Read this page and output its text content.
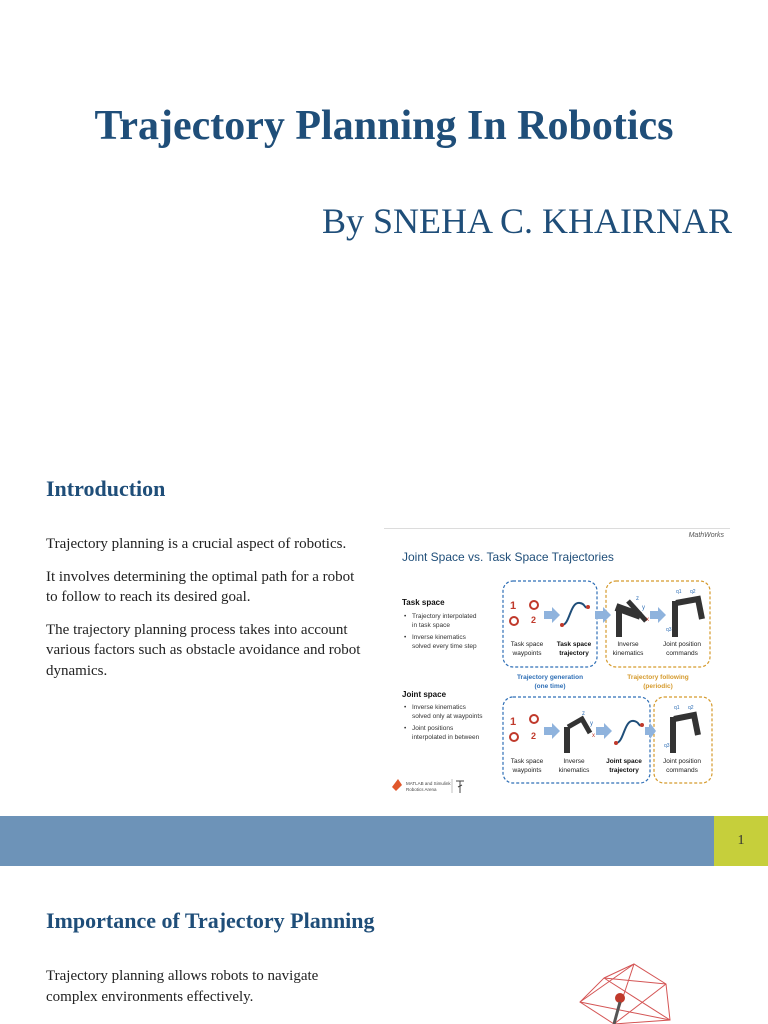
Trajectory Planning In Robotics
By SNEHA C. KHAIRNAR
Introduction

Trajectory planning is a crucial aspect of robotics.

It involves determining the optimal path for a robot to follow to reach its desired goal.

The trajectory planning process takes into account various factors such as obstacle avoidance and robot dynamics.

MathWorks
Joint Space vs. Task Space Trajectories
Task space
Joint space
• Trajectory interpolated
in task space
• Inverse kinematics
solved every time step
• Inverse kinematics
solved only at waypoints
• Joint positions
interpolated in between
1
2
z
y
x
q1 q2
q3
Task space
waypoints
Task space
trajectory
Inverse
kinematics
Joint position
commands
Trajectory generation
(one time)
Trajectory following
(periodic)
1
2
z
y
x
q1 q2
q3
Task space
waypoints
Inverse
kinematics
Joint space
trajectory
Joint position
commands
MATLAB and Simulink
Robotics Arena
1
Importance of Trajectory Planning
Trajectory planning allows robots to navigate complex environments effectively.
